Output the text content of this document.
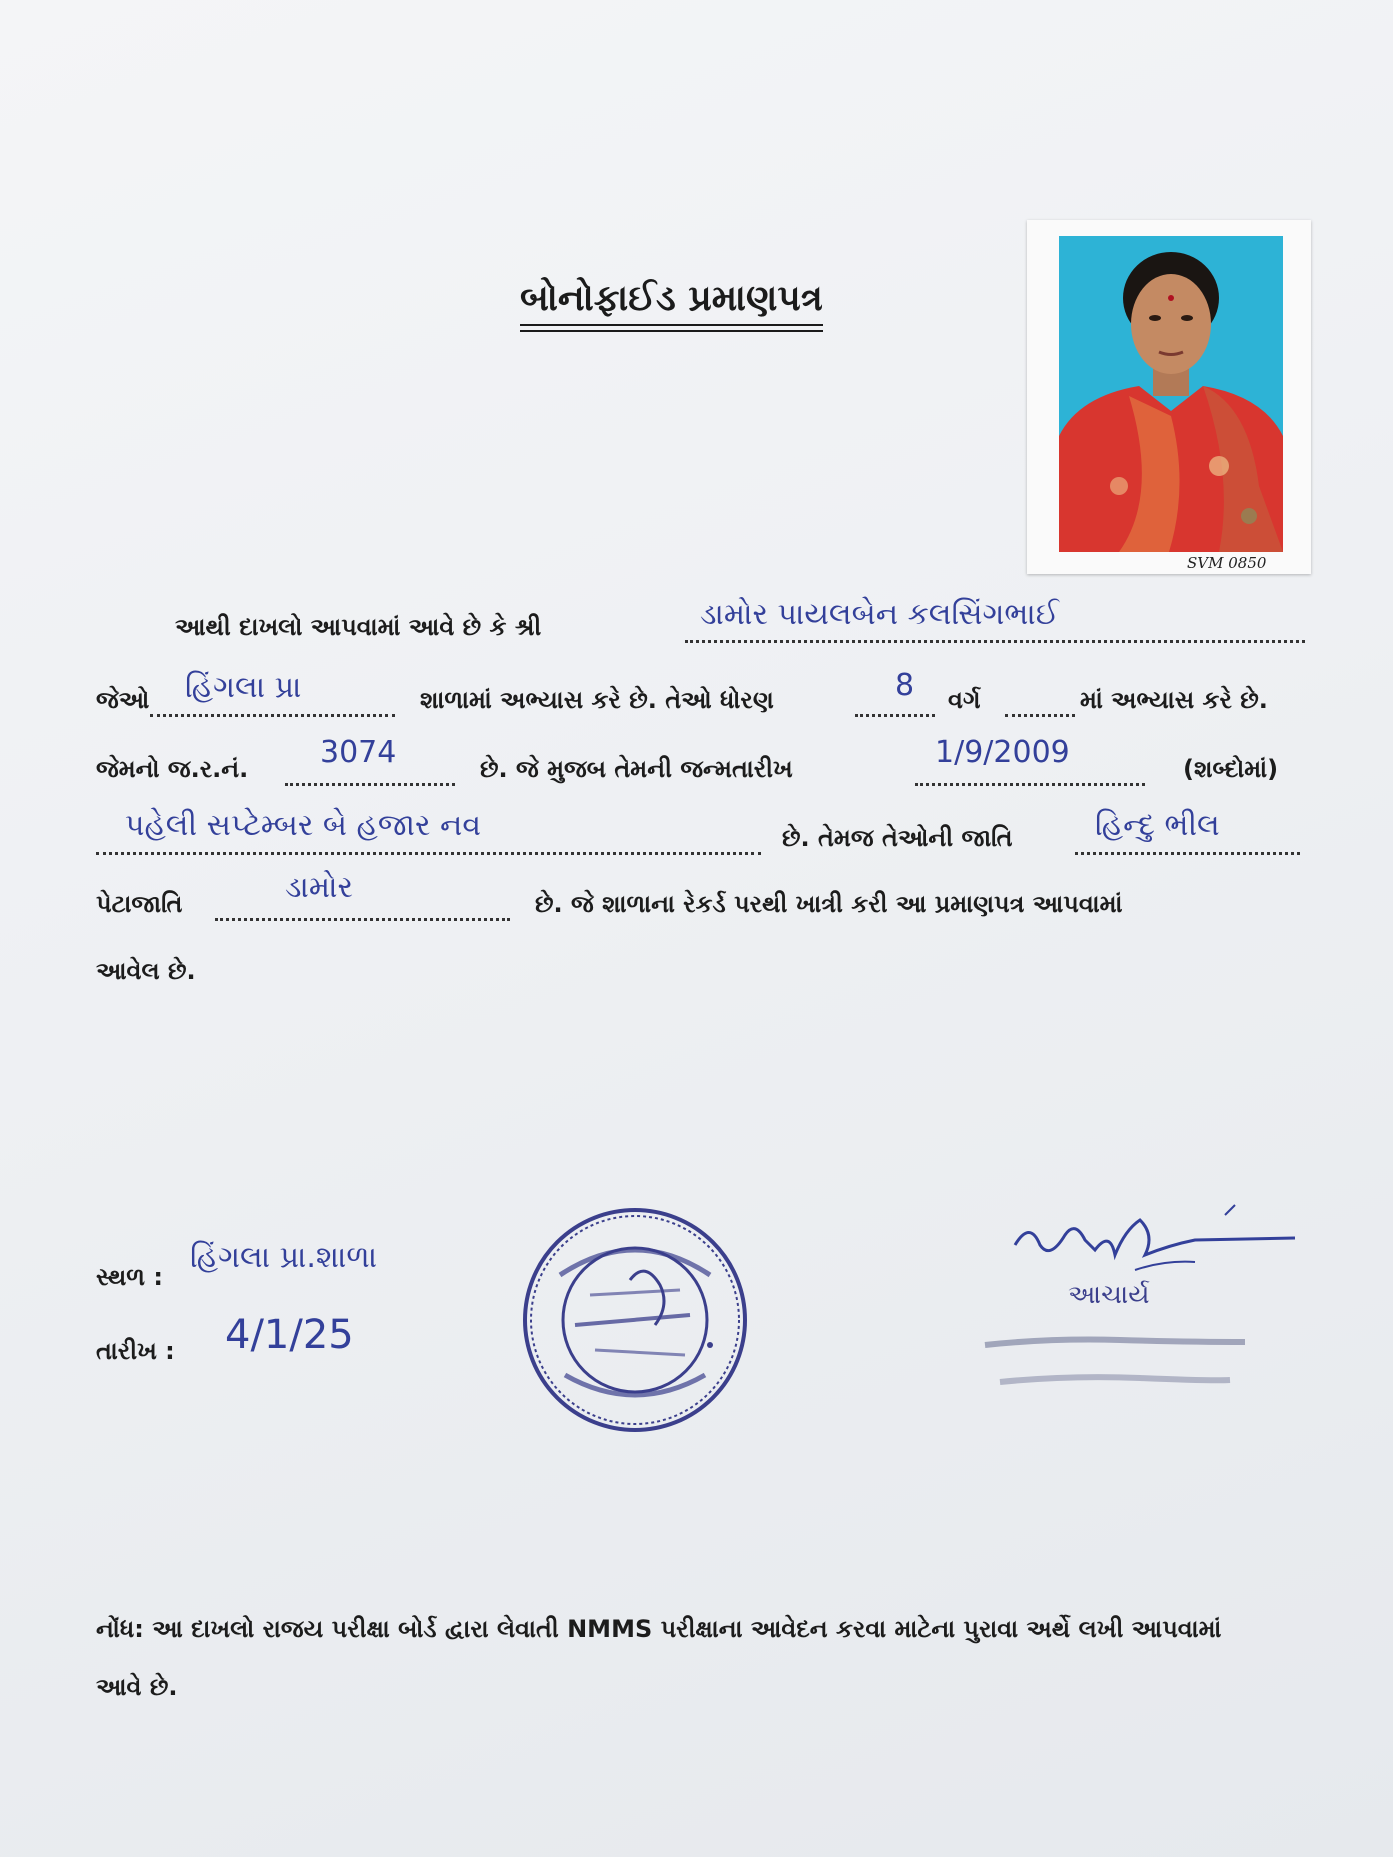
બોનોફાઈડ પ્રમાણપત્ર
SVM 0850
આથી દાખલો આપવામાં આવે છે કે શ્રી	ડામોર પાયલબેન કલસિંગભાઈ
જેઓ હિંગલા પ્રા	શાળામાં અભ્યાસ કરે છે. તેઓ ધોરણ	8 વર્ગ	માં અભ્યાસ કરે છે.
જેમનો જ.ર.નં. 3074	છે. જે મુજબ તેમની જન્મતારીખ	1/9/2009	(શબ્દોમાં)
પહેલી સપ્ટેમ્બર બે હજાર નવ	છે. તેમજ તેઓની જાતિ	હિન્દુ ભીલ
પેટાજાતિ	ડામોર	છે. જે શાળાના રેકર્ડ પરથી ખાત્રી કરી આ પ્રમાણપત્ર આપવામાં
આવેલ છે.
સ્થળ :
હિંગલા પ્રા.શાળા
તારીખ : 4/1/25
આચાર્ય
નોંધ: આ દાખલો રાજય પરીક્ષા બોર્ડ દ્વારા લેવાતી NMMS પરીક્ષાના આવેદન કરવા માટેના પુરાવા અર્થે લખી આપવામાં આવે છે.
